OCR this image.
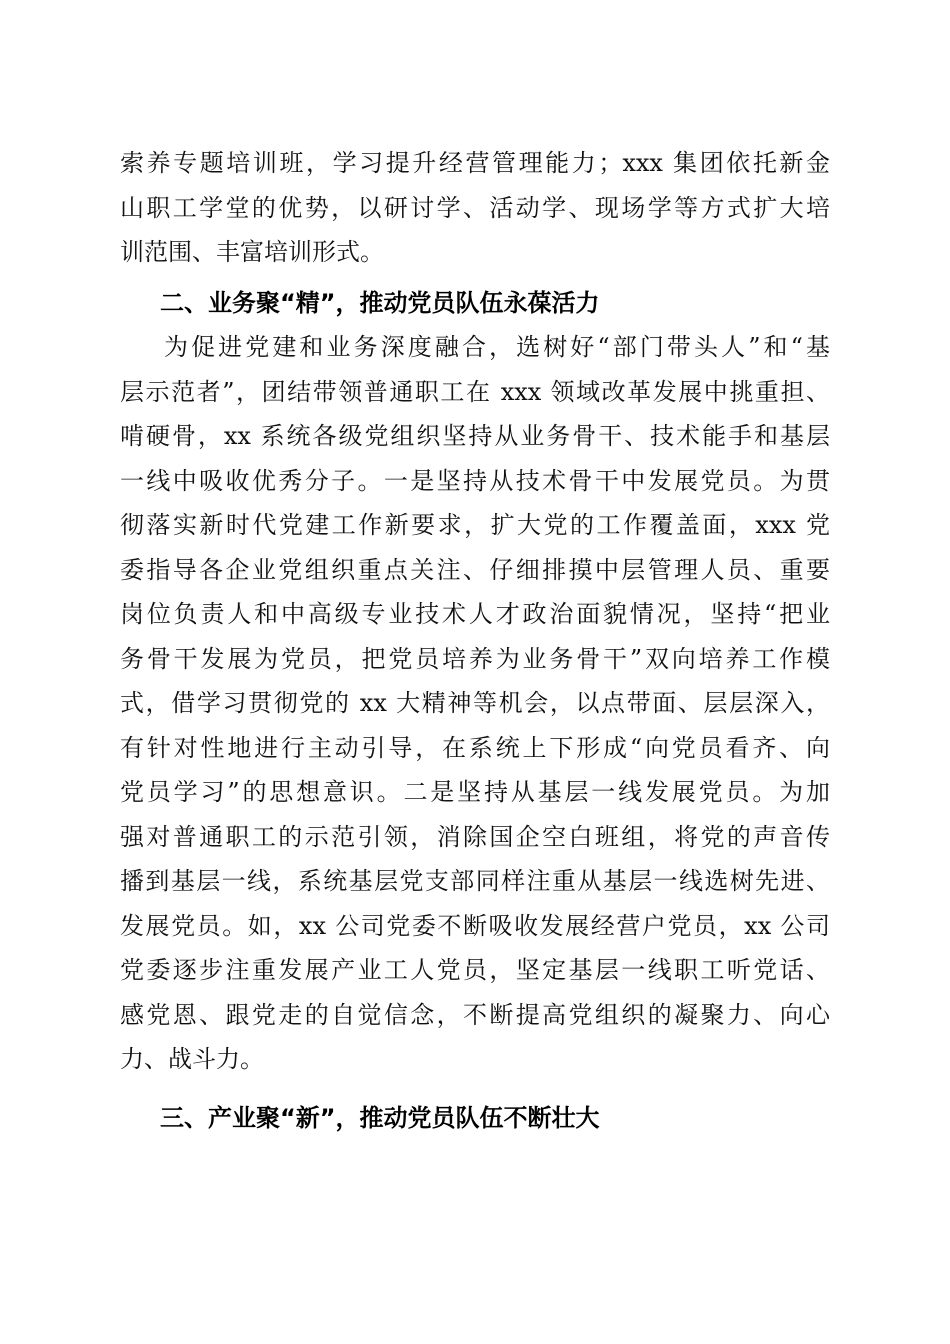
索养专题培训班，学习提升经营管理能力；xxx 集团依托新金
山职工学堂的优势，以研讨学、活动学、现场学等方式扩大培
训范围、丰富培训形式。
二、业务聚“精”，推动党员队伍永葆活力
为促进党建和业务深度融合，选树好“部门带头人”和“基
层示范者”，团结带领普通职工在 xxx 领域改革发展中挑重担、
啃硬骨，xx 系统各级党组织坚持从业务骨干、技术能手和基层
一线中吸收优秀分子。一是坚持从技术骨干中发展党员。为贯
彻落实新时代党建工作新要求，扩大党的工作覆盖面，xxx 党
委指导各企业党组织重点关注、仔细排摸中层管理人员、重要
岗位负责人和中高级专业技术人才政治面貌情况，坚持“把业
务骨干发展为党员，把党员培养为业务骨干”双向培养工作模
式，借学习贯彻党的 xx 大精神等机会，以点带面、层层深入，
有针对性地进行主动引导，在系统上下形成“向党员看齐、向
党员学习”的思想意识。二是坚持从基层一线发展党员。为加
强对普通职工的示范引领，消除国企空白班组，将党的声音传
播到基层一线，系统基层党支部同样注重从基层一线选树先进、
发展党员。如，xx 公司党委不断吸收发展经营户党员，xx 公司
党委逐步注重发展产业工人党员，坚定基层一线职工听党话、
感党恩、跟党走的自觉信念，不断提高党组织的凝聚力、向心
力、战斗力。
三、产业聚“新”，推动党员队伍不断壮大
